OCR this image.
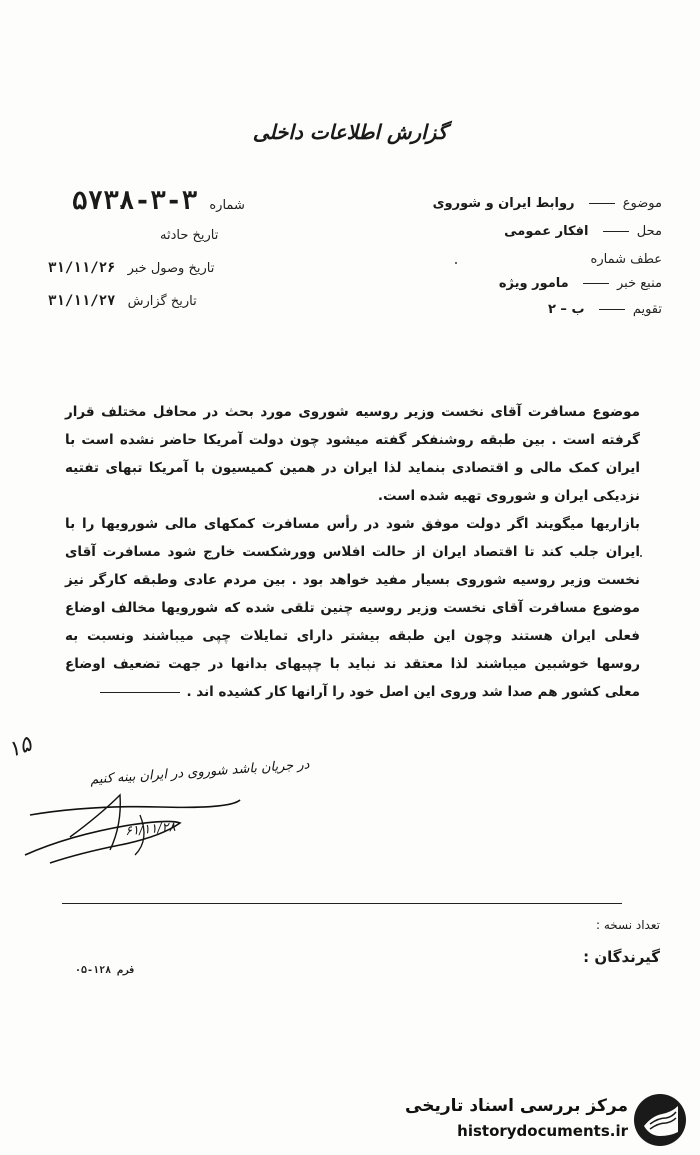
گزارش اطلاعات داخلی
موضوع  روابط ایران و شوروی
محل  افکار عمومی
عطف شماره
منبع خبر  مامور ویژه
تقویم  ب – ۲
۵۷۳۸-۳-۳ شماره
تاریخ حادثه
۳۱/۱۱/۲۶ تاریخ وصول خبر
۳۱/۱۱/۲۷ تاریخ گزارش

موضوع مسافرت آقای نخست وزیر روسیه شوروی مورد بحث در محافل مختلف قرار گرفته است . بین طبقه روشنفکر گفته میشود چون دولت آمریکا حاضر نشده است با ایران کمک مالی و اقتصادی بنماید لذا ایران در همین کمیسیون با آمریکا تبهای تفتیه نزدیکی ایران و شوروی تهیه شده است.

بازاریها میگویند اگر دولت موفق شود در رأس مسافرت کمکهای مالی شورویها را با ایران جلب کند تا اقتصاد ایران از حالت افلاس وورشکست خارج شود مسافرت آقای نخست وزیر روسیه شوروی بسیار مفید خواهد بود . بین مردم عادی وطبقه کارگر نیز موضوع مسافرت آقای نخست وزیر روسیه چنین تلقی شده که شورویها مخالف اوضاع فعلی ایران هستند وچون این طبقه بیشتر دارای تمایلات چپی میباشند ونسبت به روسها خوشبین میباشند لذا معتقد ند نباید با چپیهای بدانها در جهت تضعیف اوضاع معلی کشور هم صدا شد وروی این اصل خود را آرانها کار کشیده اند .

۱۵
در جریان باشد شوروی در ایران بینه کنیم
۶۱/۱۱/۲۸
تعداد نسخه :
گیرندگان :
۰۵-۱۲۸ فرم
مرکز بررسی اسناد تاریخی
historydocuments.ir
